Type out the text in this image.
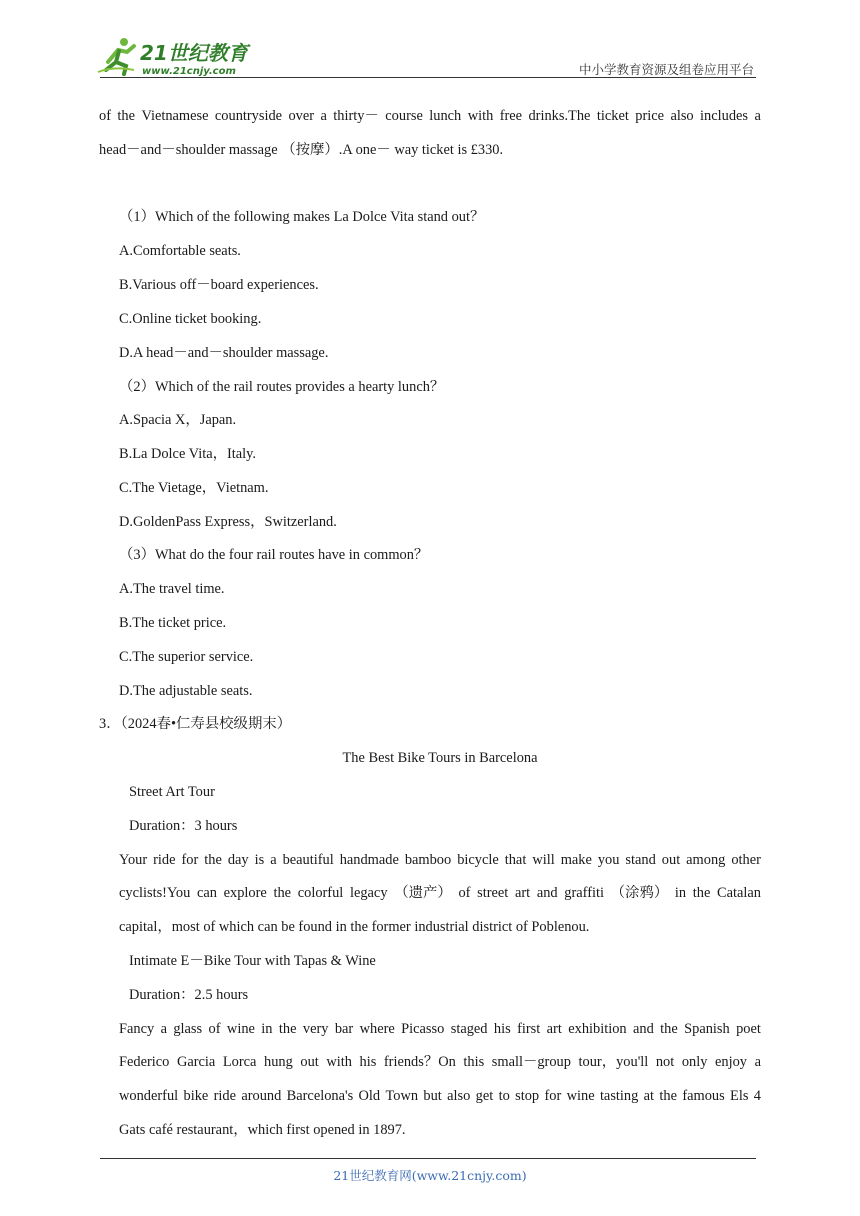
21世纪教育
www.21cnjy.com	中小学教育资源及组卷应用平台
of the Vietnamese countryside over a thirty－ course lunch with free drinks.The ticket price also includes a
head－and－shoulder massage （按摩）.A one－ way ticket is £330.
（1）Which of the following makes La Dolce Vita stand out？
A.Comfortable seats.
B.Various off－board experiences.
C.Online ticket booking.
D.A head－and－shoulder massage.
（2）Which of the rail routes provides a hearty lunch？
A.Spacia X，Japan.
B.La Dolce Vita，Italy.
C.The Vietage，Vietnam.
D.GoldenPass Express，Switzerland.
（3）What do the four rail routes have in common？
A.The travel time.
B.The ticket price.
C.The superior service.
D.The adjustable seats.
3．（2024春•仁寿县校级期末）
The Best Bike Tours in Barcelona
Street Art Tour
Duration：3 hours
Your ride for the day is a beautiful handmade bamboo bicycle that will make you stand out among other
cyclists!You can explore the colorful legacy （遗产） of street art and graffiti （涂鸦） in the Catalan
capital，most of which can be found in the former industrial district of Poblenou.
Intimate E－Bike Tour with Tapas & Wine
Duration：2.5 hours
Fancy a glass of wine in the very bar where Picasso staged his first art exhibition and the Spanish poet
Federico Garcia Lorca hung out with his friends？On this small－group tour，you'll not only enjoy a
wonderful bike ride around Barcelona's Old Town but also get to stop for wine tasting at the famous Els 4
Gats café restaurant，which first opened in 1897.
21世纪教育网(www.21cnjy.com)
